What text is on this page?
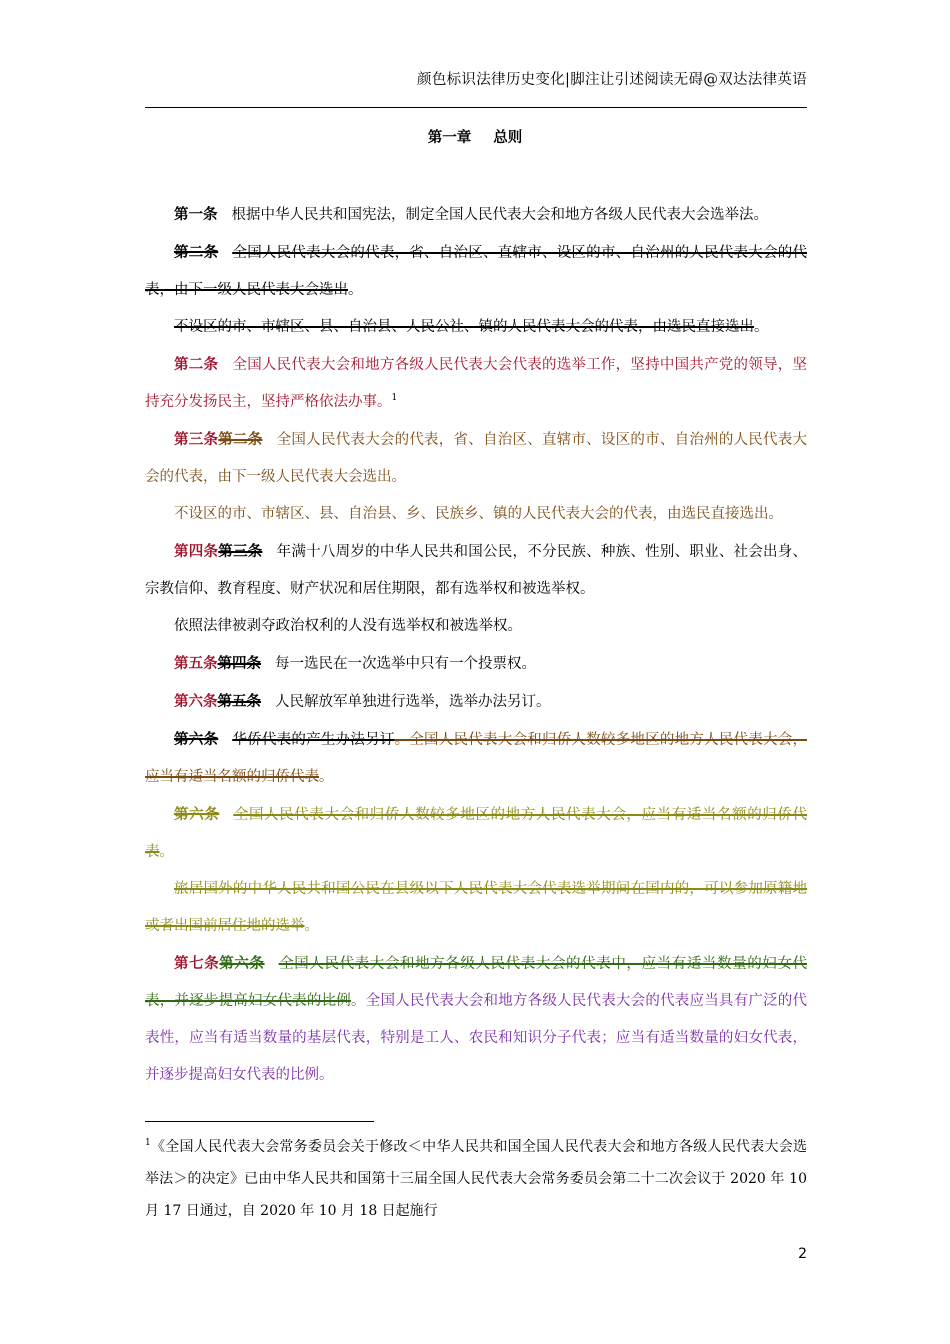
颜色标识法律历史变化|脚注让引述阅读无碍@双达法律英语
第一章 总则

第一条 根据中华人民共和国宪法，制定全国人民代表大会和地方各级人民代表大会选举法。

第二条 全国人民代表大会的代表，省、自治区、直辖市、设区的市、自治州的人民代表大会的代表，由下一级人民代表大会选出。

不设区的市、市辖区、县、自治县、人民公社、镇的人民代表大会的代表，由选民直接选出。

第二条 全国人民代表大会和地方各级人民代表大会代表的选举工作，坚持中国共产党的领导，坚持充分发扬民主，坚持严格依法办事。$^1$

第三条第二条 全国人民代表大会的代表，省、自治区、直辖市、设区的市、自治州的人民代表大会的代表，由下一级人民代表大会选出。

不设区的市、市辖区、县、自治县、乡、民族乡、镇的人民代表大会的代表，由选民直接选出。

第四条第三条 年满十八周岁的中华人民共和国公民，不分民族、种族、性别、职业、社会出身、宗教信仰、教育程度、财产状况和居住期限，都有选举权和被选举权。

依照法律被剥夺政治权利的人没有选举权和被选举权。

第五条第四条 每一选民在一次选举中只有一个投票权。

第六条第五条 人民解放军单独进行选举，选举办法另订。

第六条 华侨代表的产生办法另订。全国人民代表大会和归侨人数较多地区的地方人民代表大会，应当有适当名额的归侨代表。

第六条 全国人民代表大会和归侨人数较多地区的地方人民代表大会，应当有适当名额的归侨代表。

旅居国外的中华人民共和国公民在县级以下人民代表大会代表选举期间在国内的，可以参加原籍地或者出国前居住地的选举。

第七条第六条 全国人民代表大会和地方各级人民代表大会的代表中，应当有适当数量的妇女代表，并逐步提高妇女代表的比例。全国人民代表大会和地方各级人民代表大会的代表应当具有广泛的代表性，应当有适当数量的基层代表，特别是工人、农民和知识分子代表；应当有适当数量的妇女代表，并逐步提高妇女代表的比例。

$^1$《全国人民代表大会常务委员会关于修改＜中华人民共和国全国人民代表大会和地方各级人民代表大会选举法＞的决定》已由中华人民共和国第十三届全国人民代表大会常务委员会第二十二次会议于 2020 年 10 月 17 日通过，自 2020 年 10 月 18 日起施行
2
